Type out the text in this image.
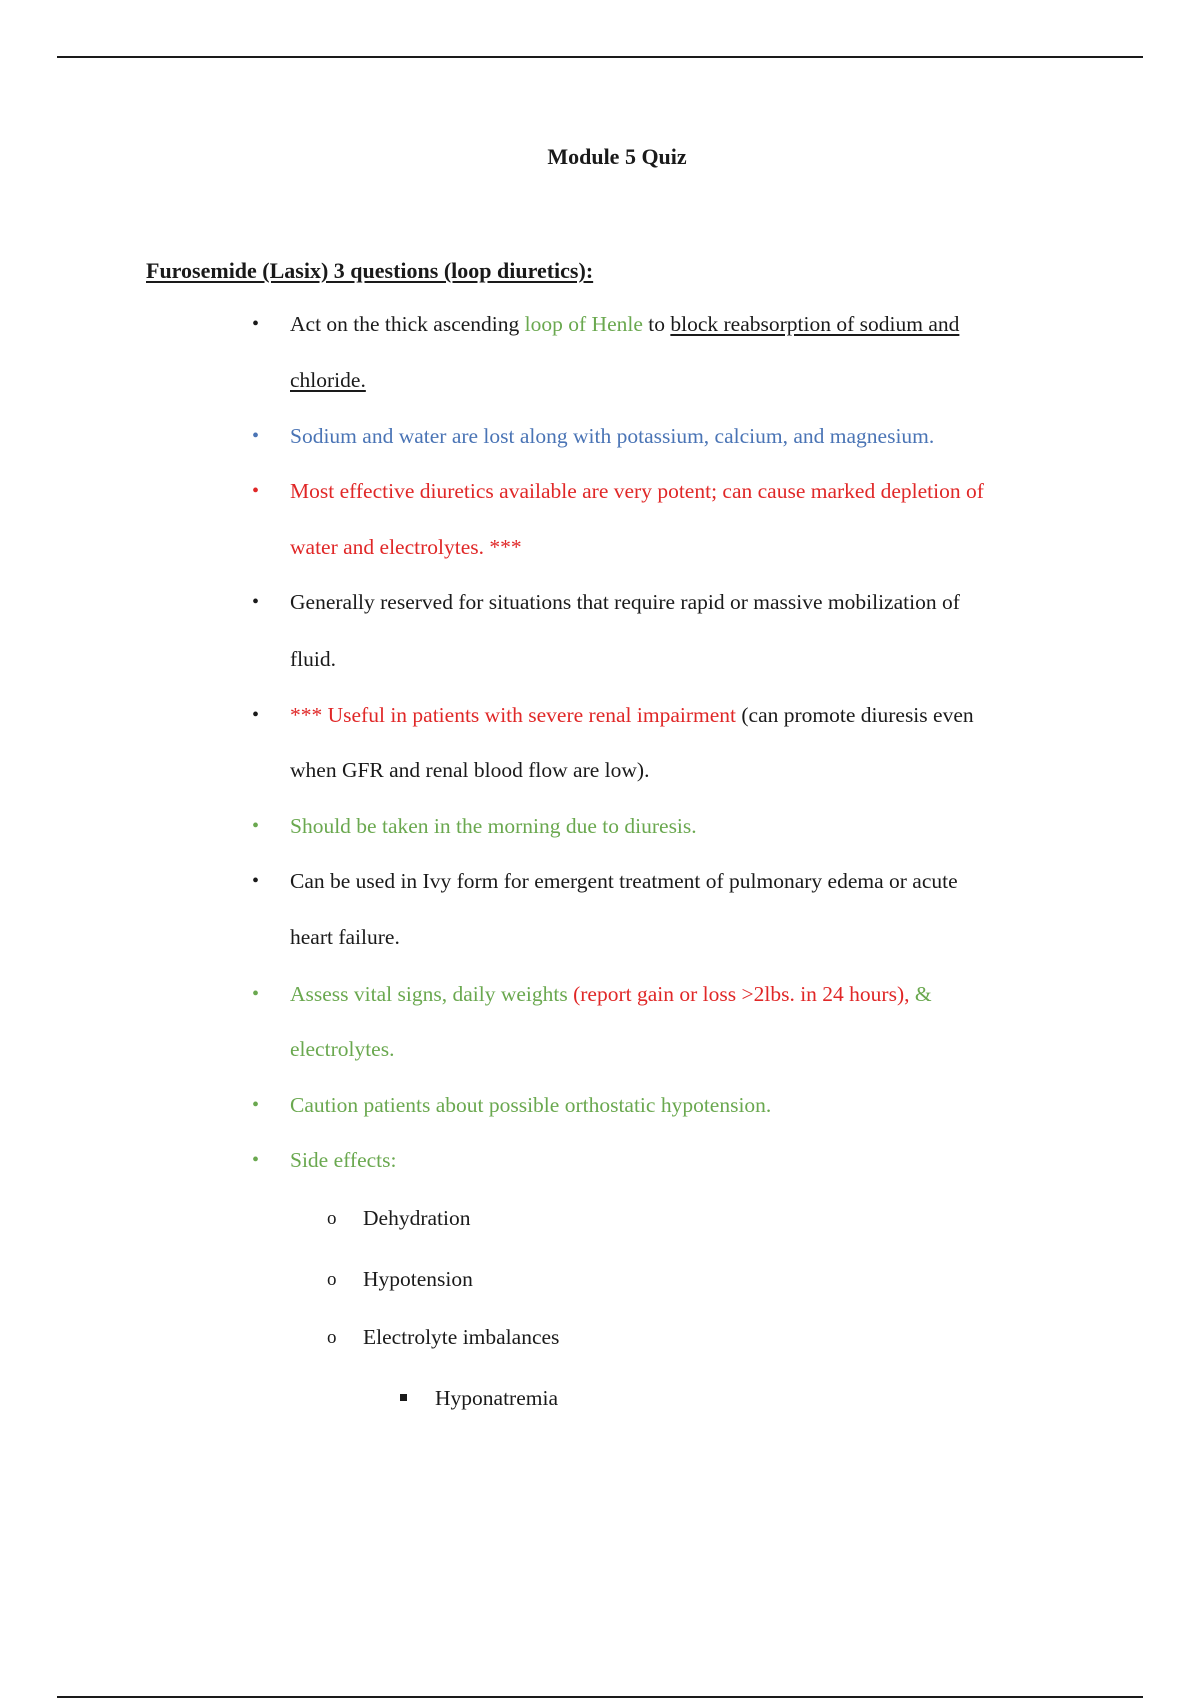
Module 5 Quiz
Furosemide (Lasix) 3 questions (loop diuretics):
• Act on the thick ascending loop of Henle to block reabsorption of sodium and

chloride.

• Sodium and water are lost along with potassium, calcium, and magnesium.

• Most effective diuretics available are very potent; can cause marked depletion of

water and electrolytes. ***

• Generally reserved for situations that require rapid or massive mobilization of

fluid.

• *** Useful in patients with severe renal impairment (can promote diuresis even

when GFR and renal blood flow are low).

• Should be taken in the morning due to diuresis.

• Can be used in Ivy form for emergent treatment of pulmonary edema or acute

heart failure.

• Assess vital signs, daily weights (report gain or loss >2lbs. in 24 hours), &

electrolytes.

• Caution patients about possible orthostatic hypotension.

• Side effects:

o Dehydration
o Hypotension
o Electrolyte imbalances
Hyponatremia
